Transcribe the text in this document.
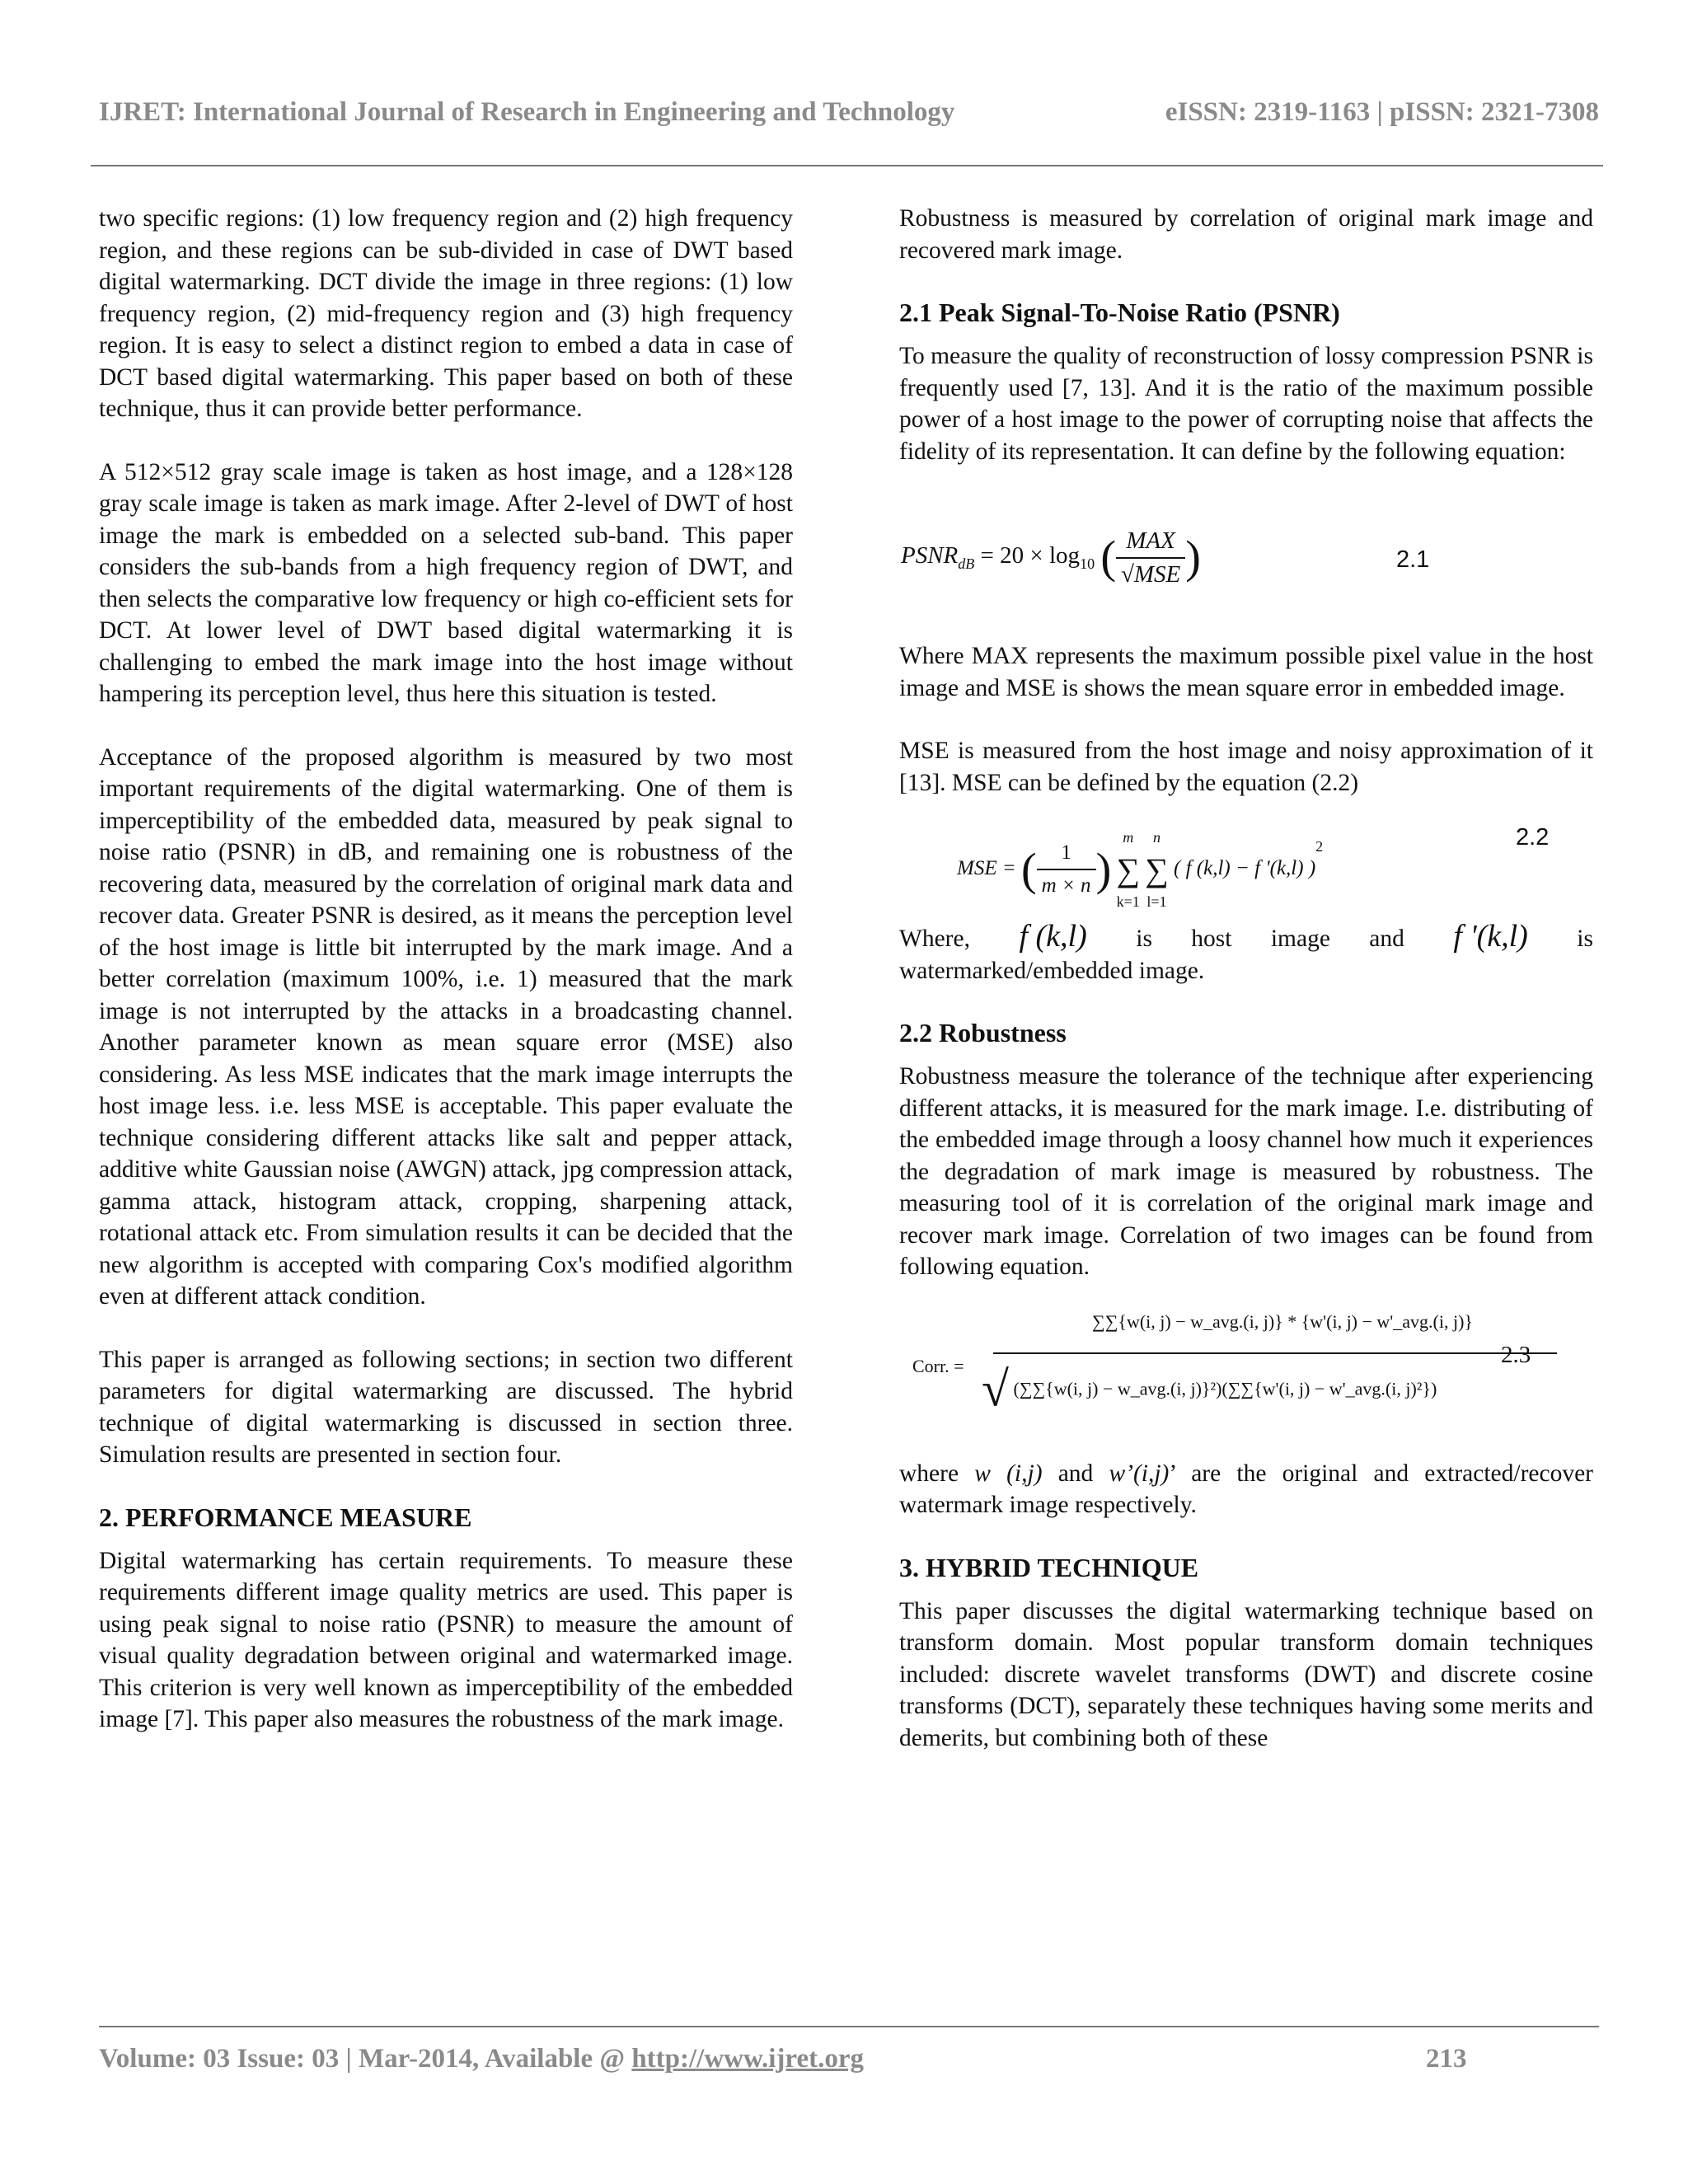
IJRET: International Journal of Research in Engineering and Technology	eISSN: 2319-1163 | pISSN: 2321-7308

two specific regions: (1) low frequency region and (2) high frequency region, and these regions can be sub-divided in case of DWT based digital watermarking. DCT divide the image in three regions: (1) low frequency region, (2) mid-frequency region and (3) high frequency region. It is easy to select a distinct region to embed a data in case of DCT based digital watermarking. This paper based on both of these technique, thus it can provide better performance.

A 512×512 gray scale image is taken as host image, and a 128×128 gray scale image is taken as mark image. After 2-level of DWT of host image the mark is embedded on a selected sub-band. This paper considers the sub-bands from a high frequency region of DWT, and then selects the comparative low frequency or high co-efficient sets for DCT. At lower level of DWT based digital watermarking it is challenging to embed the mark image into the host image without hampering its perception level, thus here this situation is tested.

Acceptance of the proposed algorithm is measured by two most important requirements of the digital watermarking. One of them is imperceptibility of the embedded data, measured by peak signal to noise ratio (PSNR) in dB, and remaining one is robustness of the recovering data, measured by the correlation of original mark data and recover data. Greater PSNR is desired, as it means the perception level of the host image is little bit interrupted by the mark image. And a better correlation (maximum 100%, i.e. 1) measured that the mark image is not interrupted by the attacks in a broadcasting channel. Another parameter known as mean square error (MSE) also considering. As less MSE indicates that the mark image interrupts the host image less. i.e. less MSE is acceptable. This paper evaluate the technique considering different attacks like salt and pepper attack, additive white Gaussian noise (AWGN) attack, jpg compression attack, gamma attack, histogram attack, cropping, sharpening attack, rotational attack etc. From simulation results it can be decided that the new algorithm is accepted with comparing Cox's modified algorithm even at different attack condition.

This paper is arranged as following sections; in section two different parameters for digital watermarking are discussed. The hybrid technique of digital watermarking is discussed in section three. Simulation results are presented in section four.

2. PERFORMANCE MEASURE

Digital watermarking has certain requirements. To measure these requirements different image quality metrics are used. This paper is using peak signal to noise ratio (PSNR) to measure the amount of visual quality degradation between original and watermarked image. This criterion is very well known as imperceptibility of the embedded image [7]. This paper also measures the robustness of the mark image.

Robustness is measured by correlation of original mark image and recovered mark image.

2.1 Peak Signal-To-Noise Ratio (PSNR)

To measure the quality of reconstruction of lossy compression PSNR is frequently used [7, 13]. And it is the ratio of the maximum possible power of a host image to the power of corrupting noise that affects the fidelity of its representation. It can define by the following equation:

$PSNR_{dB} = 20 \times \log_{10}$ ( $\frac{\text{MAX}}{\text{√MSE}}$ )	2.1

Where MAX represents the maximum possible pixel value in the host image and MSE is shows the mean square error in embedded image.

MSE is measured from the host image and noisy approximation of it [13]. MSE can be defined by the equation (2.2)

MSE = ( $\frac{1}{m \times n}$ )
m
∑
k=1

n
∑
l=1
( f (k,l) − f '(k,l) )$^2$	2.2
Where, f (k,l) is host image and f '(k,l) is

watermarked/embedded image.

2.2 Robustness

Robustness measure the tolerance of the technique after experiencing different attacks, it is measured for the mark image. I.e. distributing of the embedded image through a loosy channel how much it experiences the degradation of mark image is measured by robustness. The measuring tool of it is correlation of the original mark image and recover mark image. Correlation of two images can be found from following equation.

Corr. =
∑∑{w(i, j) − w_avg.(i, j)} * {w'(i, j) − w'_avg.(i, j)}
√ (∑∑{w(i, j) − w_avg.(i, j)}²)(∑∑{w'(i, j) − w'_avg.(i, j)²})
2.3

where w (i,j) and w’(i,j)’ are the original and extracted/recover watermark image respectively.

3. HYBRID TECHNIQUE

This paper discusses the digital watermarking technique based on transform domain. Most popular transform domain techniques included: discrete wavelet transforms (DWT) and discrete cosine transforms (DCT), separately these techniques having some merits and demerits, but combining both of these

Volume: 03 Issue: 03 | Mar-2014, Available @ http://www.ijret.org	213
